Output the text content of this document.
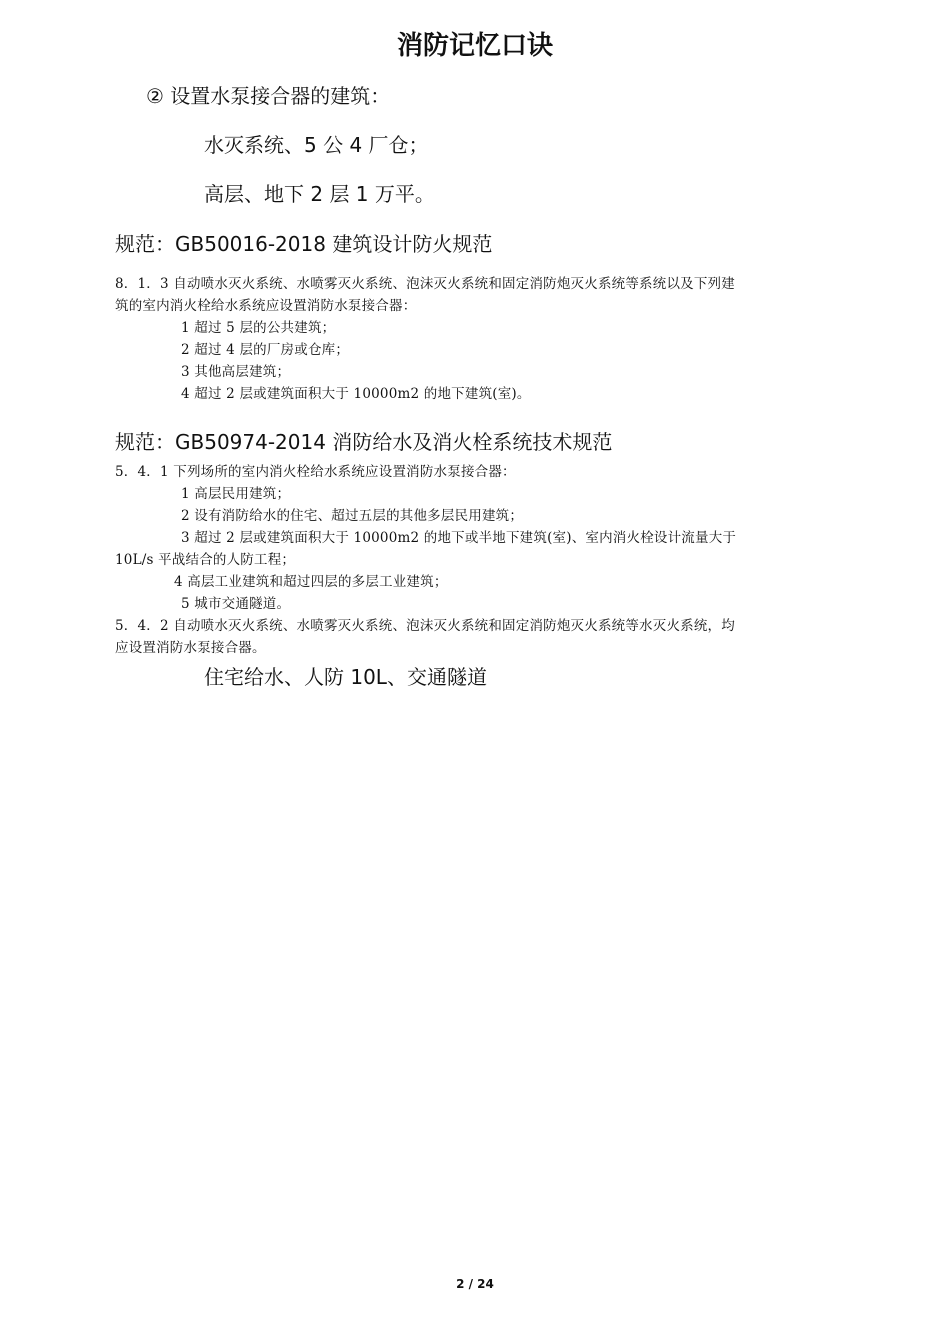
消防记忆口诀

② 设置水泵接合器的建筑：

水灭系统、5 公 4 厂仓；

高层、地下 2 层 1 万平。

规范：GB50016-2018 建筑设计防火规范

8．1．3 自动喷水灭火系统、水喷雾灭火系统、泡沫灭火系统和固定消防炮灭火系统等系统以及下列建

筑的室内消火栓给水系统应设置消防水泵接合器：

1 超过 5 层的公共建筑；

2 超过 4 层的厂房或仓库；

3 其他高层建筑；

4 超过 2 层或建筑面积大于 10000m2 的地下建筑(室)。

规范：GB50974-2014 消防给水及消火栓系统技术规范

5．4．1 下列场所的室内消火栓给水系统应设置消防水泵接合器：

1 高层民用建筑；

2 设有消防给水的住宅、超过五层的其他多层民用建筑；

3 超过 2 层或建筑面积大于 10000m2 的地下或半地下建筑(室)、室内消火栓设计流量大于

10L/s 平战结合的人防工程；

4 高层工业建筑和超过四层的多层工业建筑；

5 城市交通隧道。

5．4．2 自动喷水灭火系统、水喷雾灭火系统、泡沫灭火系统和固定消防炮灭火系统等水灭火系统，均

应设置消防水泵接合器。

住宅给水、人防 10L、交通隧道

2 / 24
